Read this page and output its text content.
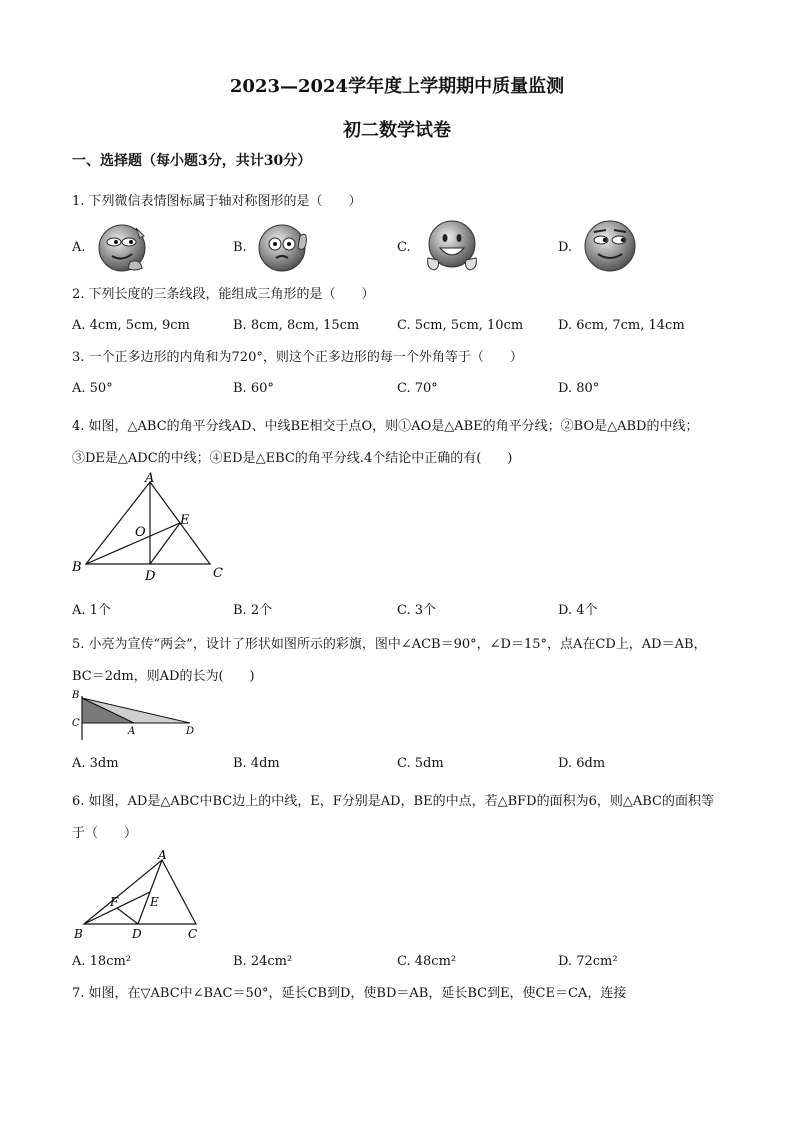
2023—2024学年度上学期期中质量监测
初二数学试卷
一、选择题（每小题3分，共计30分）
1. 下列微信表情图标属于轴对称图形的是（　　）
A.	B.	C.	D.
2. 下列长度的三条线段，能组成三角形的是（　　）
A. 4cm, 5cm, 9cm	B. 8cm, 8cm, 15cm	C. 5cm, 5cm, 10cm	D. 6cm, 7cm, 14cm
3. 一个正多边形的内角和为720°，则这个正多边形的每一个外角等于（　　）
A. 50°	B. 60°	C. 70°	D. 80°
4. 如图，△ABC的角平分线AD、中线BE相交于点O，则①AO是△ABE的角平分线；②BO是△ABD的中线；③DE是△ADC的中线；④ED是△EBC的角平分线.4个结论中正确的有(　　)
A
B	C
D
E
O
A. 1个	B. 2个	C. 3个	D. 4个
5. 小亮为宣传“两会”，设计了形状如图所示的彩旗，图中∠ACB＝90°，∠D＝15°，点A在CD上，AD＝AB，BC＝2dm，则AD的长为(　　)
B
C
A	D
A. 3dm	B. 4dm	C. 5dm	D. 6dm
6. 如图，AD是△ABC中BC边上的中线，E，F分别是AD，BE的中点，若△BFD的面积为6，则△ABC的面积等于（　　）
A
B	C
D
E
F
A. 18cm²	B. 24cm²	C. 48cm²	D. 72cm²
7. 如图，在▽ABC中∠BAC＝50°，延长CB到D，使BD＝AB，延长BC到E，使CE＝CA，连接
